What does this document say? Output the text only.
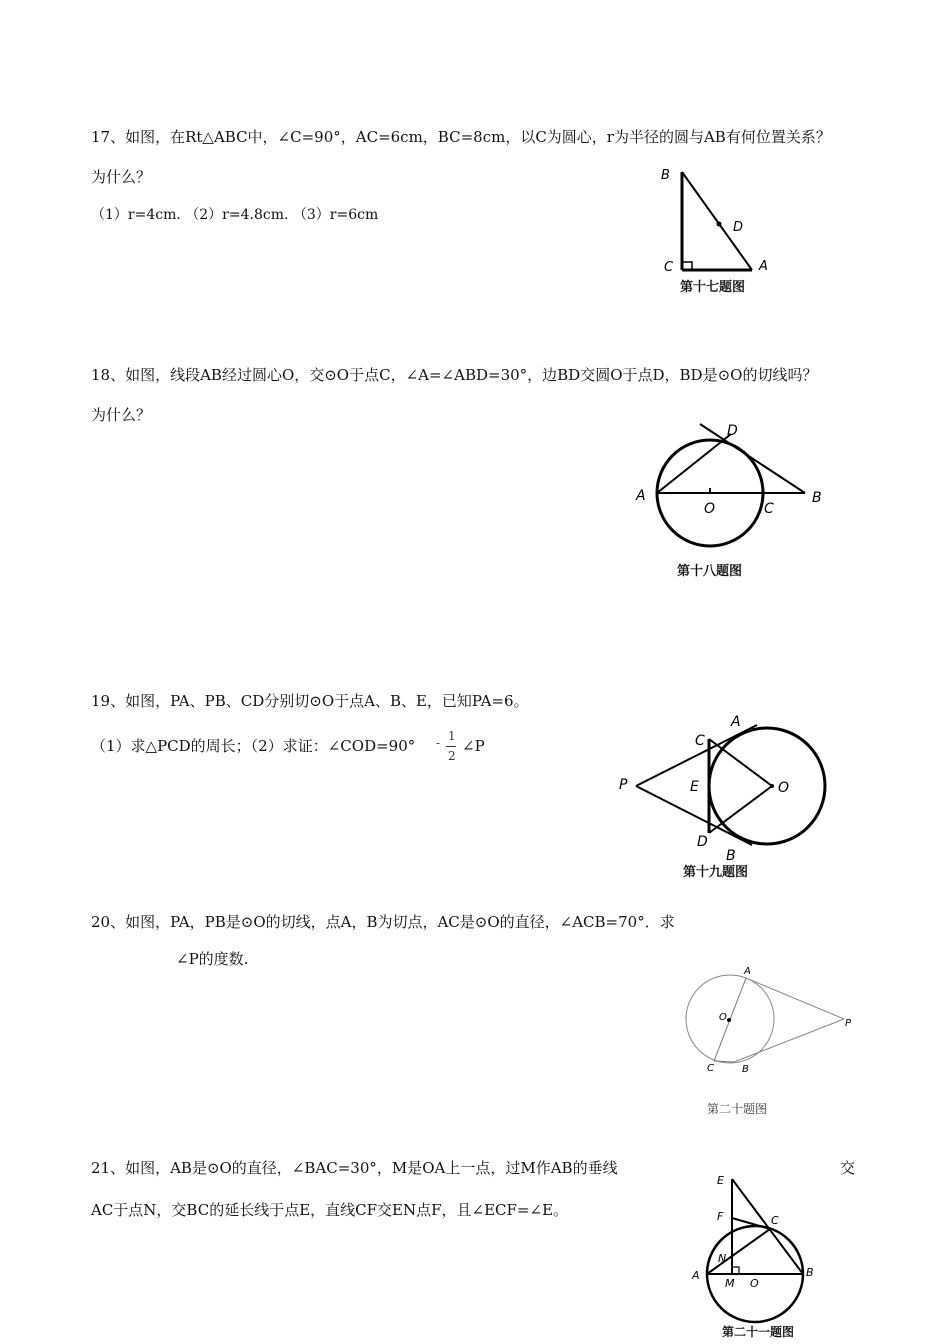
17、如图，在Rt△ABC中，∠C=90°，AC=6cm，BC=8cm，以C为圆心，r为半径的圆与AB有何位置关系？
为什么？
（1）r=4cm. （2）r=4.8cm. （3）r=6cm
B
D
C	A
第十七题图
18、如图，线段AB经过圆心O，交⊙O于点C，∠A=∠ABD=30°，边BD交圆O于点D，BD是⊙O的切线吗？
为什么？
D
A
O	C
B
第十八题图
19、如图，PA、PB、CD分别切⊙O于点A、B、E，已知PA=6。
（1）求△PCD的周长；（2）求证：∠COD=90° - 1
2
∠P	C
A
P	E	O
D
B
第十九题图
20、如图，PA，PB是⊙O的切线，点A，B为切点，AC是⊙O的直径，∠ACB=70°．求
∠P的度数.
A
O
P
C	B
第二十题图
21、如图，AB是⊙O的直径，∠BAC=30°，M是OA上一点，过M作AB的垂线	交
AC于点N，交BC的延长线于点E，直线CF交EN点F，且∠ECF=∠E。
E
F	C
N
A
M O
B
第二十一题图
